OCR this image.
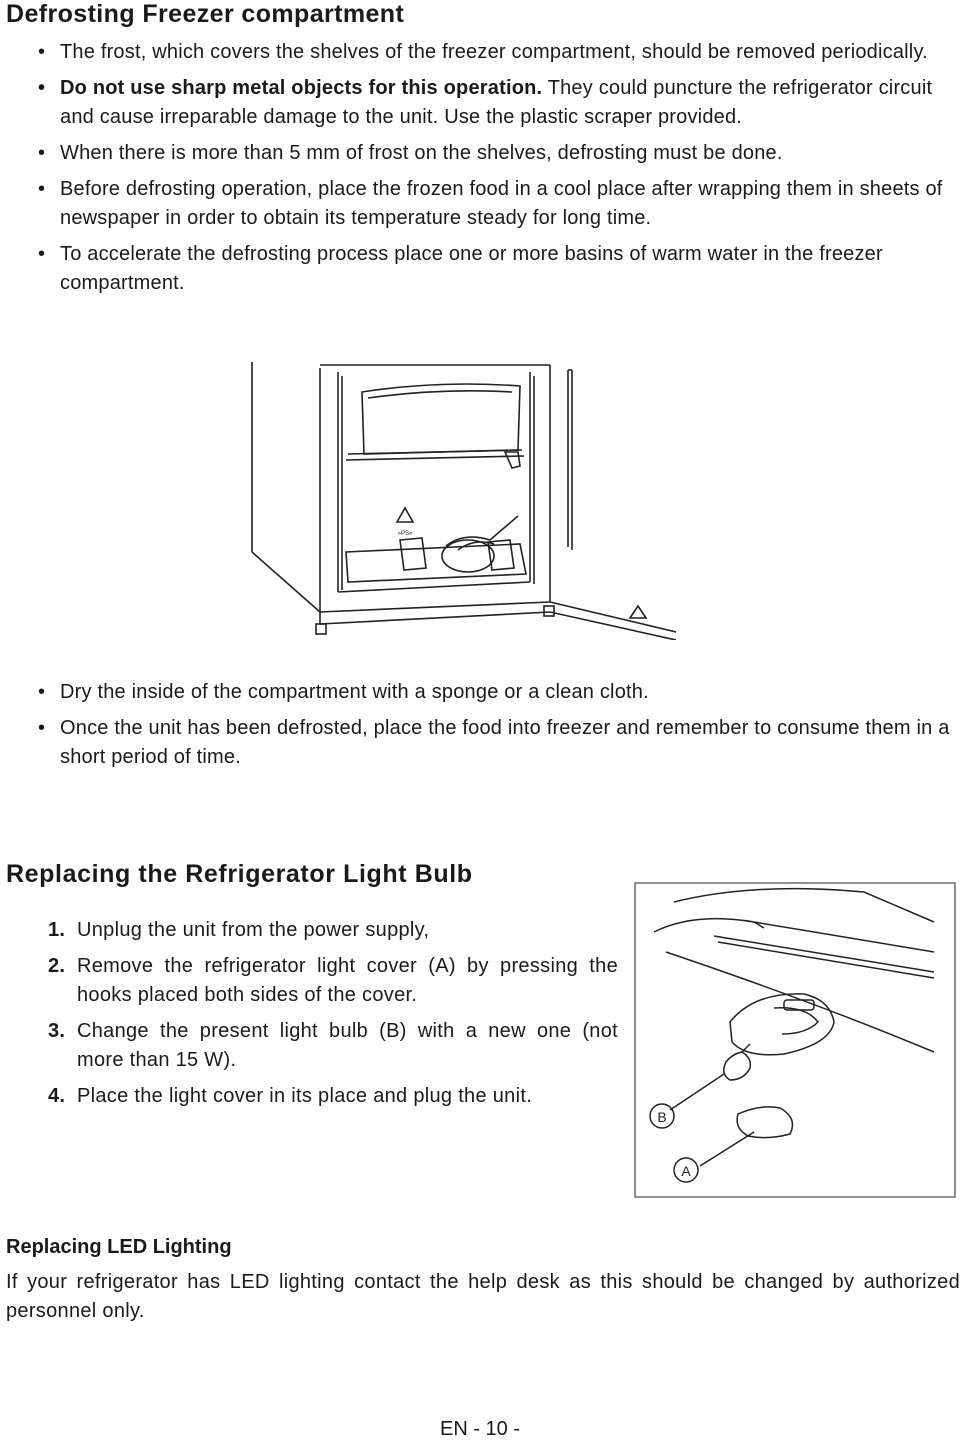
Defrosting Freezer compartment
• The frost, which covers the shelves of the freezer compartment, should be removed periodically.
• Do not use sharp metal objects for this operation. They could puncture the refrigerator circuit and cause irreparable damage to the unit. Use the plastic scraper provided.
• When there is more than 5 mm of frost on the shelves, defrosting must be done.
• Before defrosting operation, place the frozen food in a cool place after wrapping them in sheets of newspaper in order to obtain its temperature steady for long time.
• To accelerate the defrosting process place one or more basins of warm water in the freezer compartment.
»PS«
• Dry the inside of the compartment with a sponge or a clean cloth.
• Once the unit has been defrosted, place the food into freezer and remember to consume them in a short period of time.
Replacing the Refrigerator Light Bulb
1. Unplug the unit from the power supply,
2. Remove the refrigerator light cover (A) by pressing the hooks placed both sides of the cover.
3. Change the present light bulb (B) with a new one (not more than 15 W).
4. Place the light cover in its place and plug the unit.
B
A
Replacing LED Lighting
If your refrigerator has LED lighting contact the help desk as this should be changed by authorized personnel only.
EN - 10 -
